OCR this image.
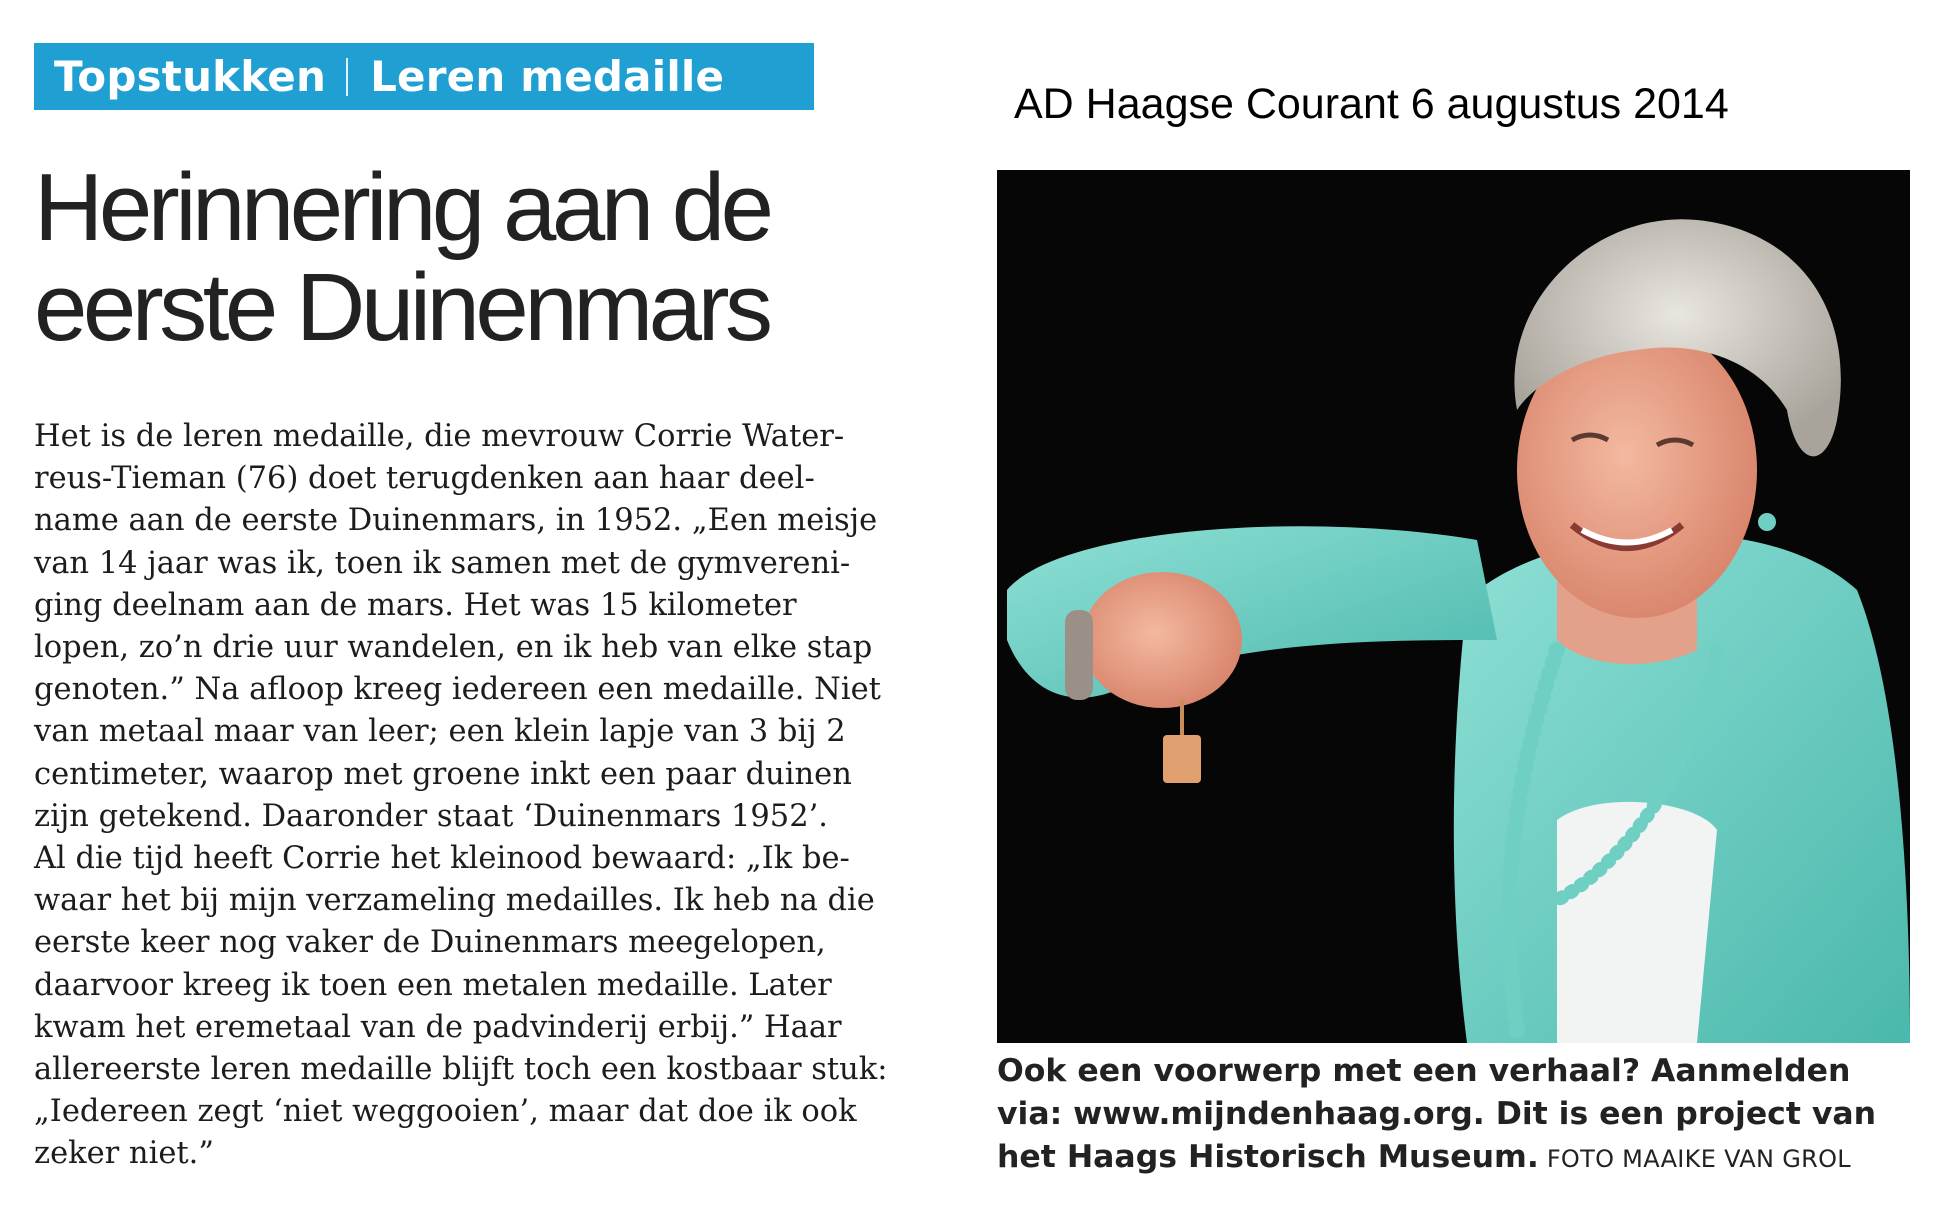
Topstukken Leren medaille
AD Haagse Courant 6 augustus 2014
Herinnering aan de
eerste Duinenmars
Het is de leren medaille, die mevrouw Corrie Water-
reus-Tieman (76) doet terugdenken aan haar deel-
name aan de eerste Duinenmars, in 1952. „Een meisje
van 14 jaar was ik, toen ik samen met de gymvereni-
ging deelnam aan de mars. Het was 15 kilometer
lopen, zo’n drie uur wandelen, en ik heb van elke stap
genoten.” Na afloop kreeg iedereen een medaille. Niet
van metaal maar van leer; een klein lapje van 3 bij 2
centimeter, waarop met groene inkt een paar duinen
zijn getekend. Daaronder staat ‘Duinenmars 1952’.
Al die tijd heeft Corrie het kleinood bewaard: „Ik be-
waar het bij mijn verzameling medailles. Ik heb na die
eerste keer nog vaker de Duinenmars meegelopen,
daarvoor kreeg ik toen een metalen medaille. Later
kwam het eremetaal van de padvinderij erbij.” Haar
allereerste leren medaille blijft toch een kostbaar stuk:
„Iedereen zegt ‘niet weggooien’, maar dat doe ik ook
zeker niet.”
Ook een voorwerp met een verhaal? Aanmelden
via: www.mijndenhaag.org. Dit is een project van
het Haags Historisch Museum. FOTO MAAIKE VAN GROL
